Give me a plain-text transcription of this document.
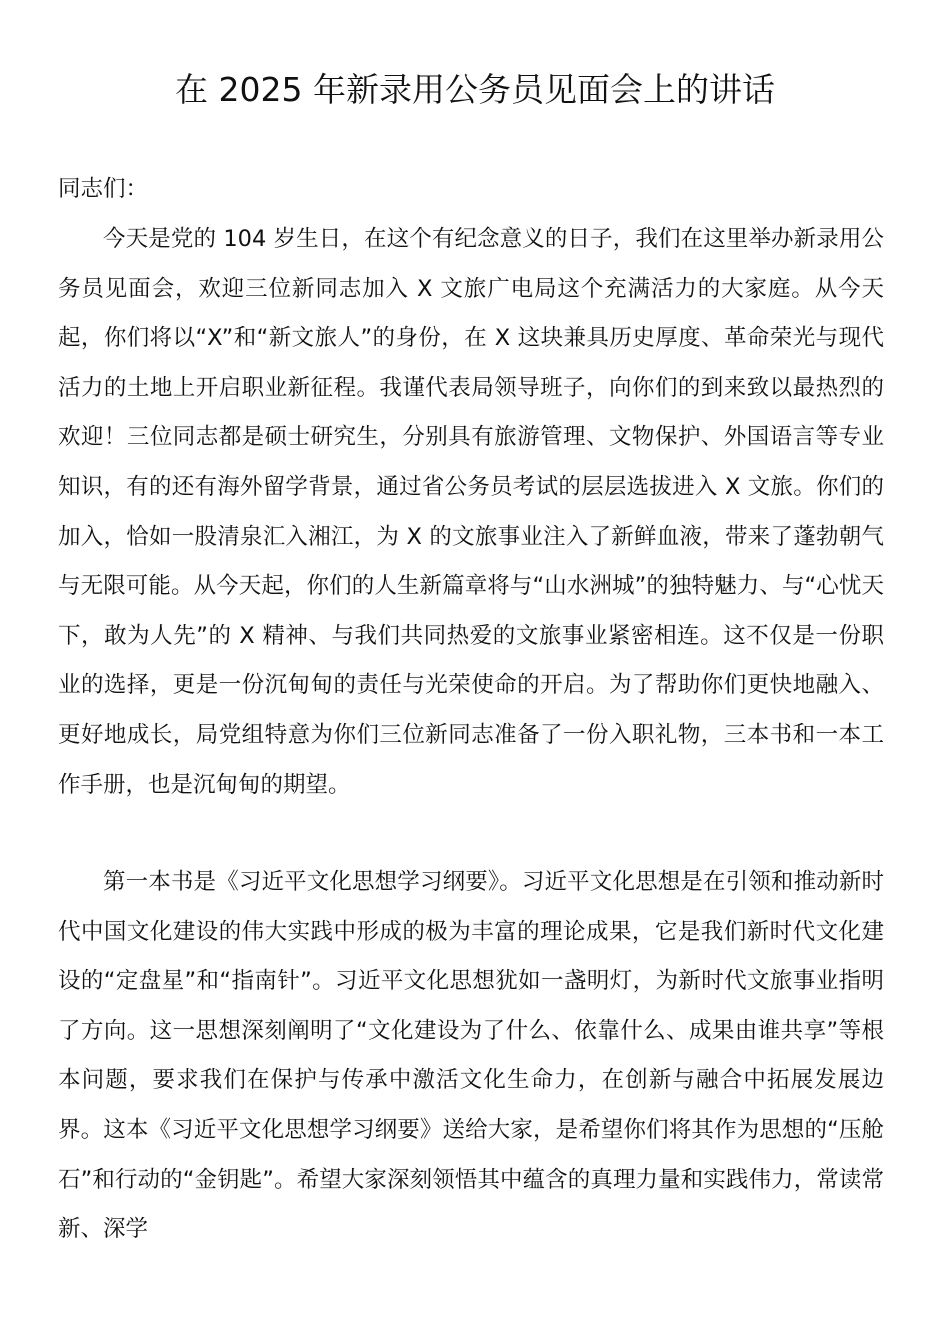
在 2025 年新录用公务员见面会上的讲话

同志们：

今天是党的 104 岁生日，在这个有纪念意义的日子，我们在这里举办新录用公务员见面会，欢迎三位新同志加入 X 文旅广电局这个充满活力的大家庭。从今天起，你们将以“X”和“新文旅人”的身份，在 X 这块兼具历史厚度、革命荣光与现代活力的土地上开启职业新征程。我谨代表局领导班子，向你们的到来致以最热烈的欢迎！三位同志都是硕士研究生，分别具有旅游管理、文物保护、外国语言等专业知识，有的还有海外留学背景，通过省公务员考试的层层选拔进入 X 文旅。你们的加入，恰如一股清泉汇入湘江，为 X 的文旅事业注入了新鲜血液，带来了蓬勃朝气与无限可能。从今天起，你们的人生新篇章将与“山水洲城”的独特魅力、与“心忧天下，敢为人先”的 X 精神、与我们共同热爱的文旅事业紧密相连。这不仅是一份职业的选择，更是一份沉甸甸的责任与光荣使命的开启。为了帮助你们更快地融入、更好地成长，局党组特意为你们三位新同志准备了一份入职礼物，三本书和一本工作手册，也是沉甸甸的期望。

第一本书是《习近平文化思想学习纲要》。习近平文化思想是在引领和推动新时代中国文化建设的伟大实践中形成的极为丰富的理论成果，它是我们新时代文化建设的“定盘星”和“指南针”。习近平文化思想犹如一盏明灯，为新时代文旅事业指明了方向。这一思想深刻阐明了“文化建设为了什么、依靠什么、成果由谁共享”等根本问题，要求我们在保护与传承中激活文化生命力，在创新与融合中拓展发展边界。这本《习近平文化思想学习纲要》送给大家，是希望你们将其作为思想的“压舱石”和行动的“金钥匙”。希望大家深刻领悟其中蕴含的真理力量和实践伟力，常读常新、深学
